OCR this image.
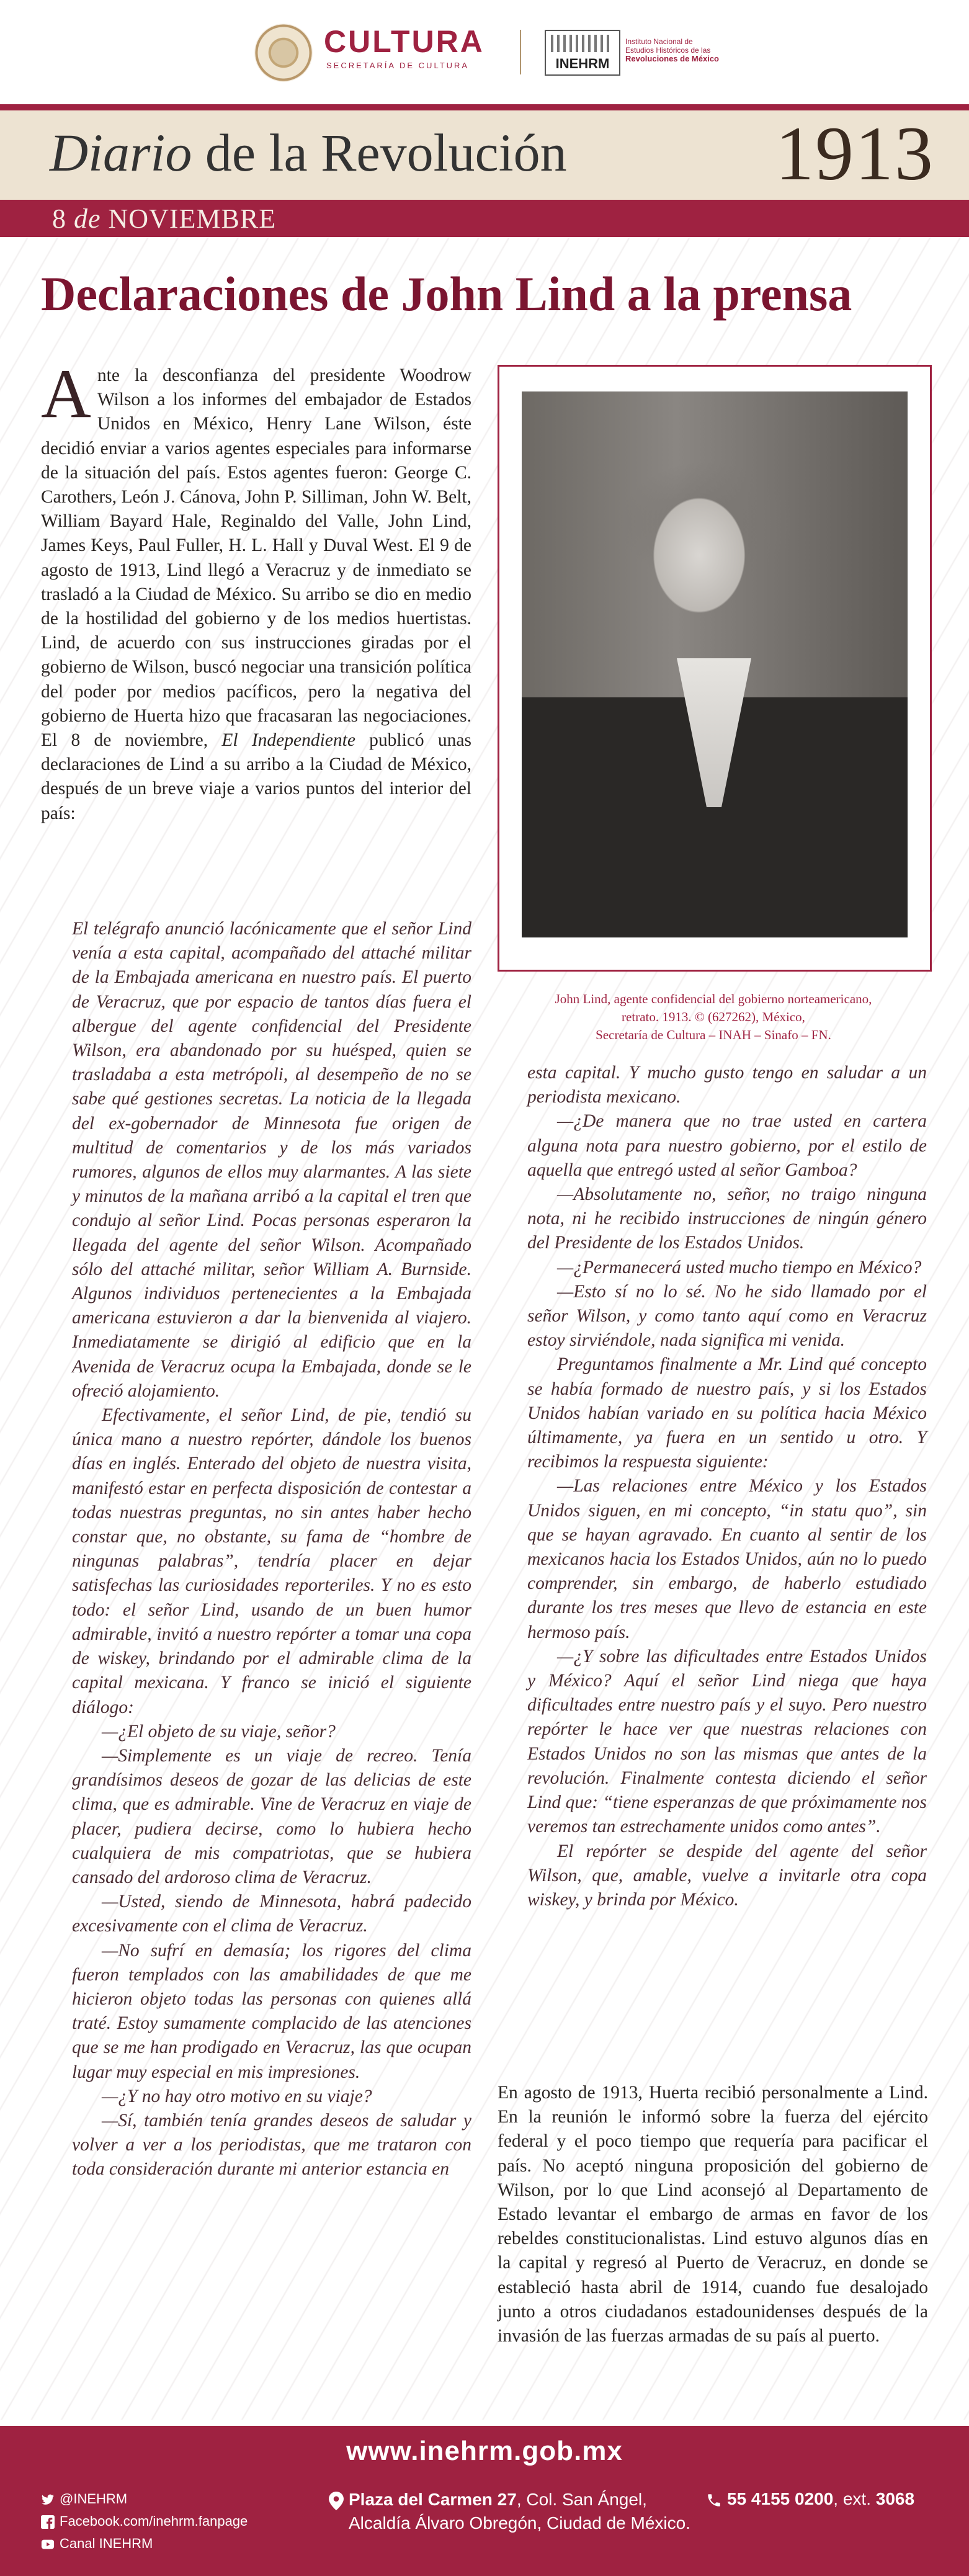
CULTURA
SECRETARÍA DE CULTURA	INEHRM
Instituto Nacional de
Estudios Históricos de las
Revoluciones de México
Diario de la Revolución	1913
8 de NOVIEMBRE
Declaraciones de John Lind a la prensa
Ante la desconfianza del presidente Woodrow Wilson a los informes del embajador de Estados Unidos en México, Henry Lane Wilson, éste decidió enviar a varios agentes especiales para informarse de la situación del país. Estos agentes fueron: George C. Carothers, León J. Cánova, John P. Silliman, John W. Belt, William Bayard Hale, Reginaldo del Valle, John Lind, James Keys, Paul Fuller, H. L. Hall y Duval West. El 9 de agosto de 1913, Lind llegó a Veracruz y de inmediato se trasladó a la Ciudad de México. Su arribo se dio en medio de la hostilidad del gobierno y de los medios huertistas. Lind, de acuerdo con sus instrucciones giradas por el gobierno de Wilson, buscó negociar una transición política del poder por medios pacíficos, pero la negativa del gobierno de Huerta hizo que fracasaran las negociaciones. El 8 de noviembre, El Independiente publicó unas declaraciones de Lind a su arribo a la Ciudad de México, después de un breve viaje a varios puntos del interior del país:
John Lind, agente confidencial del gobierno norteamericano,
retrato. 1913. © (627262), México,
Secretaría de Cultura – INAH – Sinafo – FN.

El telégrafo anunció lacónicamente que el señor Lind venía a esta capital, acompañado del attaché militar de la Embajada americana en nuestro país. El puerto de Veracruz, que por espacio de tantos días fuera el albergue del agente confidencial del Presidente Wilson, era abandonado por su huésped, quien se trasladaba a esta metrópoli, al desempeño de no se sabe qué gestiones secretas. La noticia de la llegada del ex-gobernador de Minnesota fue origen de multitud de comentarios y de los más variados rumores, algunos de ellos muy alarmantes. A las siete y minutos de la mañana arribó a la capital el tren que condujo al señor Lind. Pocas personas esperaron la llegada del agente del señor Wilson. Acompañado sólo del attaché militar, señor William A. Burnside. Algunos individuos pertenecientes a la Embajada americana estuvieron a dar la bienvenida al viajero. Inmediatamente se dirigió al edificio que en la Avenida de Veracruz ocupa la Embajada, donde se le ofreció alojamiento.

Efectivamente, el señor Lind, de pie, tendió su única mano a nuestro repórter, dándole los buenos días en inglés. Enterado del objeto de nuestra visita, manifestó estar en perfecta disposición de contestar a todas nuestras preguntas, no sin antes haber hecho constar que, no obstante, su fama de “hombre de ningunas palabras”, tendría placer en dejar satisfechas las curiosidades reporteriles. Y no es esto todo: el señor Lind, usando de un buen humor admirable, invitó a nuestro repórter a tomar una copa de wiskey, brindando por el admirable clima de la capital mexicana. Y franco se inició el siguiente diálogo:

—¿El objeto de su viaje, señor?

—Simplemente es un viaje de recreo. Tenía grandísimos deseos de gozar de las delicias de este clima, que es admirable. Vine de Veracruz en viaje de placer, pudiera decirse, como lo hubiera hecho cualquiera de mis compatriotas, que se hubiera cansado del ardoroso clima de Veracruz.

—Usted, siendo de Minnesota, habrá padecido excesivamente con el clima de Veracruz.

—No sufrí en demasía; los rigores del clima fueron templados con las amabilidades de que me hicieron objeto todas las personas con quienes allá traté. Estoy sumamente complacido de las atenciones que se me han prodigado en Veracruz, las que ocupan lugar muy especial en mis impresiones.

—¿Y no hay otro motivo en su viaje?

—Sí, también tenía grandes deseos de saludar y volver a ver a los periodistas, que me trataron con toda consideración durante mi anterior estancia en

esta capital. Y mucho gusto tengo en saludar a un periodista mexicano.

—¿De manera que no trae usted en cartera alguna nota para nuestro gobierno, por el estilo de aquella que entregó usted al señor Gamboa?

—Absolutamente no, señor, no traigo ninguna nota, ni he recibido instrucciones de ningún género del Presidente de los Estados Unidos.

—¿Permanecerá usted mucho tiempo en México?

—Esto sí no lo sé. No he sido llamado por el señor Wilson, y como tanto aquí como en Veracruz estoy sirviéndole, nada significa mi venida.

Preguntamos finalmente a Mr. Lind qué concepto se había formado de nuestro país, y si los Estados Unidos habían variado en su política hacia México últimamente, ya fuera en un sentido u otro. Y recibimos la respuesta siguiente:

—Las relaciones entre México y los Estados Unidos siguen, en mi concepto, “in statu quo”, sin que se hayan agravado. En cuanto al sentir de los mexicanos hacia los Estados Unidos, aún no lo puedo comprender, sin embargo, de haberlo estudiado durante los tres meses que llevo de estancia en este hermoso país.

—¿Y sobre las dificultades entre Estados Unidos y México? Aquí el señor Lind niega que haya dificultades entre nuestro país y el suyo. Pero nuestro repórter le hace ver que nuestras relaciones con Estados Unidos no son las mismas que antes de la revolución. Finalmente contesta diciendo el señor Lind que: “tiene esperanzas de que próximamente nos veremos tan estrechamente unidos como antes”.

El repórter se despide del agente del señor Wilson, que, amable, vuelve a invitarle otra copa wiskey, y brinda por México.

En agosto de 1913, Huerta recibió personalmente a Lind. En la reunión le informó sobre la fuerza del ejército federal y el poco tiempo que requería para pacificar el país. No aceptó ninguna proposición del gobierno de Wilson, por lo que Lind aconsejó al Departamento de Estado levantar el embargo de armas en favor de los rebeldes constitucionalistas. Lind estuvo algunos días en la capital y regresó al Puerto de Veracruz, en donde se estableció hasta abril de 1914, cuando fue desalojado junto a otros ciudadanos estadounidenses después de la invasión de las fuerzas armadas de su país al puerto.
www.inehrm.gob.mx
@INEHRM
Facebook.com/inehrm.fanpage
Canal INEHRM
Plaza del Carmen 27, Col. San Ángel,
Alcaldía Álvaro Obregón, Ciudad de México.
55 4155 0200, ext. 3068
